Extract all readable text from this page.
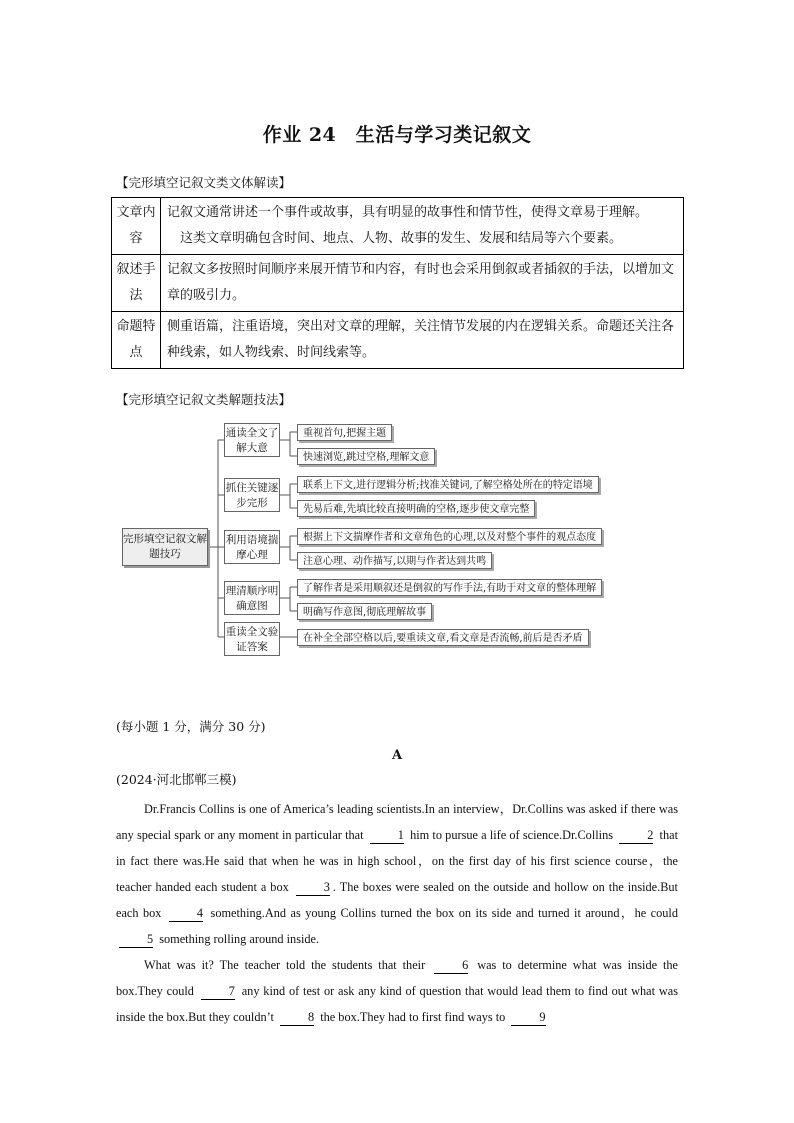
作业 24　生活与学习类记叙文
【完形填空记叙文类文体解读】
文章内容	记叙文通常讲述一个事件或故事，具有明显的故事性和情节性，使得文章易于理解。
　这类文章明确包含时间、地点、人物、故事的发生、发展和结局等六个要素。

叙述手法	记叙文多按照时间顺序来展开情节和内容，有时也会采用倒叙或者插叙的手法，以增加文章的吸引力。

命题特点	侧重语篇，注重语境，突出对文章的理解，关注情节发展的内在逻辑关系。命题还关注各种线索，如人物线索、时间线索等。
【完形填空记叙文类解题技法】
完形填空记叙文解题技巧
通读全文了解大意
抓住关键逐步完形
利用语境揣摩心理
理清顺序明确意图
重读全文验证答案
重视首句,把握主题
快速浏览,跳过空格,理解文意
联系上下文,进行逻辑分析;找准关键词,了解空格处所在的特定语境
先易后难,先填比较直接明确的空格,逐步使文章完整
根据上下文揣摩作者和文章角色的心理,以及对整个事件的观点态度
注意心理、动作描写,以期与作者达到共鸣
了解作者是采用顺叙还是倒叙的写作手法,有助于对文章的整体理解
明确写作意图,彻底理解故事
在补全全部空格以后,要重读文章,看文章是否流畅,前后是否矛盾
(每小题 1 分，满分 30 分)
A
(2024·河北邯郸三模)

Dr.Francis Collins is one of America’s leading scientists.In an interview，Dr.Collins was asked if there was any special spark or any moment in particular that	1 him to pursue a life of science.Dr.Collins	2 that in fact there was.He said that when he was in high school，on the first day of his first science course，the teacher handed each student a box	3 . The boxes were sealed on the outside and hollow on the inside.But each box	4 something.And as young Collins turned the box on its side and turned it around，he could 5 something rolling around inside.

What was it? The teacher told the students that their	6 was to determine what was inside the box.They could	7 any kind of test or ask any kind of question that would lead them to find out what was inside the box.But they couldn’t	8 the box.They had to first find ways to	9
